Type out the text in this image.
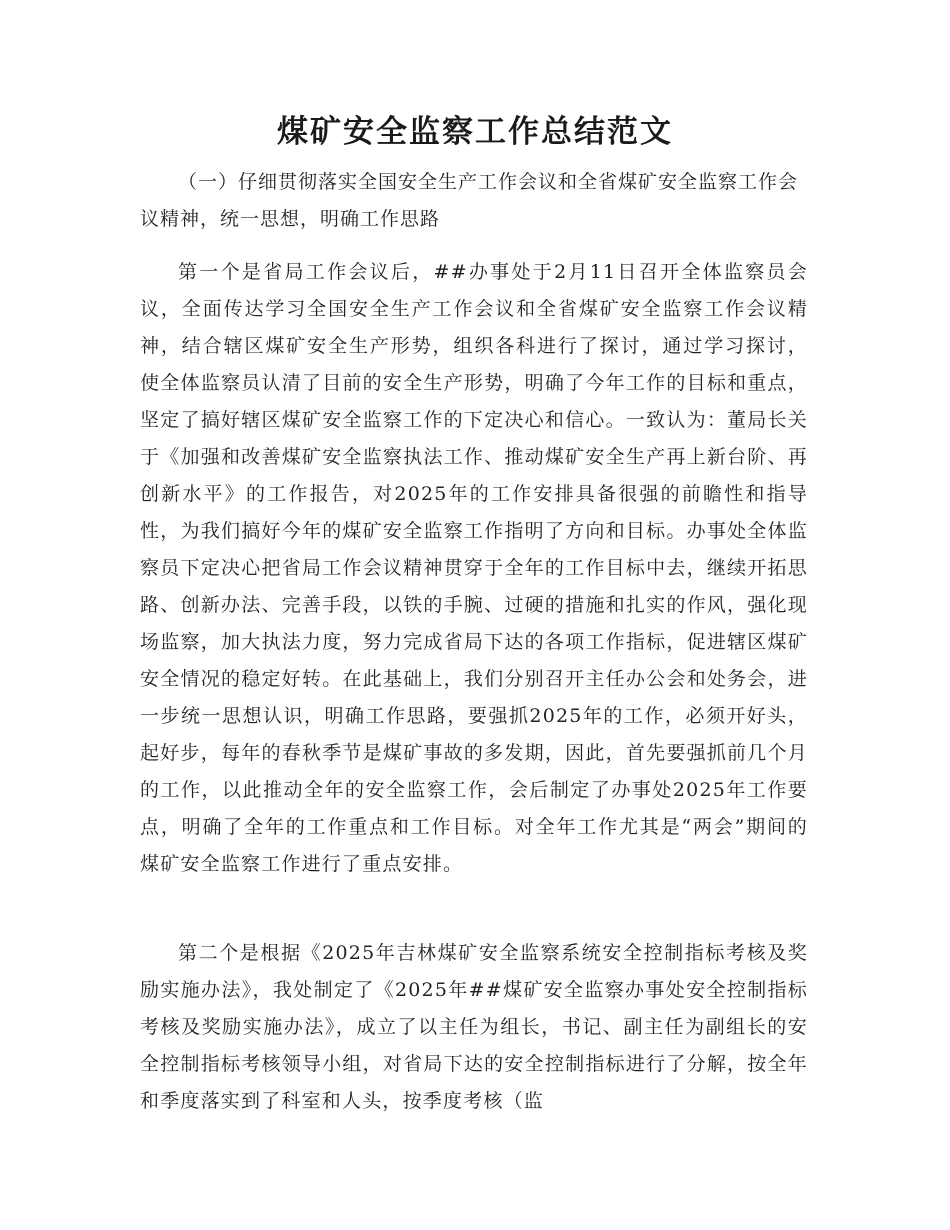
煤矿安全监察工作总结范文
（一）仔细贯彻落实全国安全生产工作会议和全省煤矿安全监察工作会议精神，统一思想，明确工作思路
第一个是省局工作会议后，##办事处于2月11日召开全体监察员会议，全面传达学习全国安全生产工作会议和全省煤矿安全监察工作会议精神，结合辖区煤矿安全生产形势，组织各科进行了探讨，通过学习探讨， 使全体监察员认清了目前的安全生产形势，明确了今年工作的目标和重点，坚定了搞好辖区煤矿安全监察工作的下定决心和信心。一致认为：董局长关于《加强和改善煤矿安全监察执法工作、推动煤矿安全生产再上新台阶、再创新水平》的工作报告，对2025年的工作安排具备很强的前瞻性和指导性，为我们搞好今年的煤矿安全监察工作指明了方向和目标。办事处全体监察员下定决心把省局工作会议精神贯穿于全年的工作目标中去，继续开拓思路、创新办法、完善手段，以铁的手腕、过硬的措施和扎实的作风，强化现场监察，加大执法力度，努力完成省局下达的各项工作指标，促进辖区煤矿安全情况的稳定好转。在此基础上，我们分别召开主任办公会和处务会，进一步统一思想认识，明确工作思路，要强抓2025年的工作，必须开好头，起好步，每年的春秋季节是煤矿事故的多发期，因此，首先要强抓前几个月的工作，以此推动全年的安全监察工作，会后制定了办事处2025年工作要点，明确了全年的工作重点和工作目标。对全年工作尤其是“两会”期间的煤矿安全监察工作进行了重点安排。
第二个是根据《2025年吉林煤矿安全监察系统安全控制指标考核及奖励实施办法》，我处制定了《2025年##煤矿安全监察办事处安全控制指标考核及奖励实施办法》，成立了以主任为组长，书记、副主任为副组长的安全控制指标考核领导小组，对省局下达的安全控制指标进行了分解，按全年和季度落实到了科室和人头，按季度考核（监
